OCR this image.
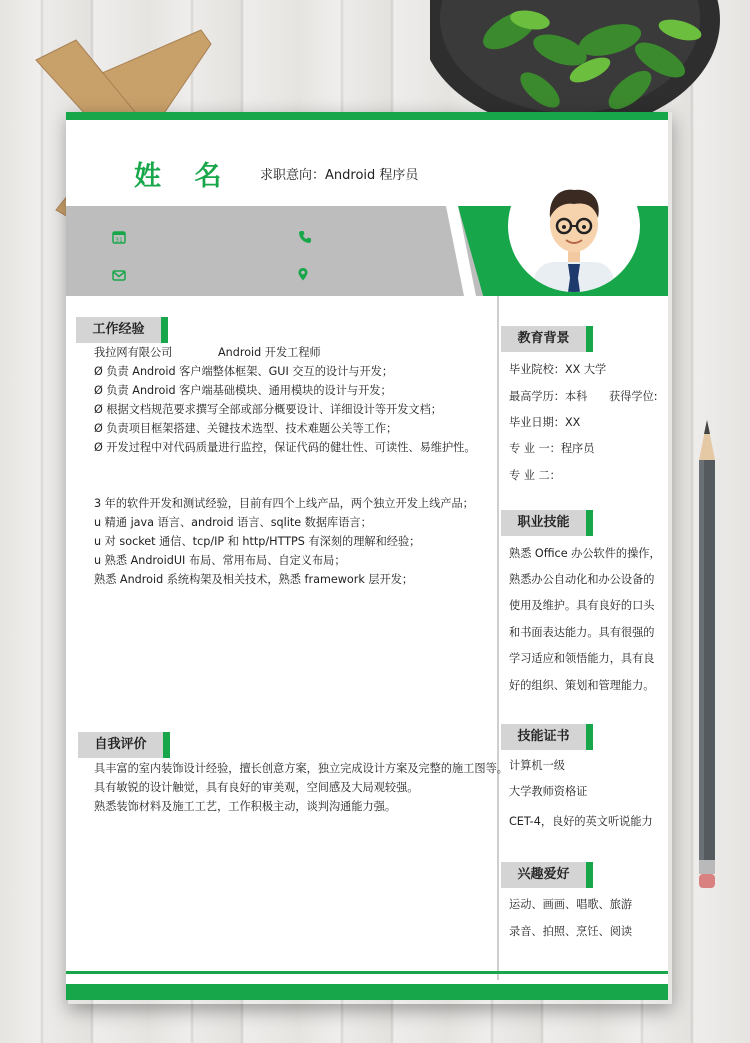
姓 名 求职意向：Android 程序员
31
工作经验
我拉网有限公司	Android 开发工程师
Ø 负责 Android 客户端整体框架、GUI 交互的设计与开发；
Ø 负责 Android 客户端基础模块、通用模块的设计与开发；
Ø 根据文档规范要求撰写全部或部分概要设计、详细设计等开发文档；
Ø 负责项目框架搭建、关键技术选型、技术难题公关等工作；
Ø 开发过程中对代码质量进行监控，保证代码的健壮性、可读性、易维护性。
3 年的软件开发和测试经验，目前有四个上线产品，两个独立开发上线产品；
u 精通 java 语言、android 语言、sqlite 数据库语言；
u 对 socket 通信、tcp/IP 和 http/HTTPS 有深刻的理解和经验；
u 熟悉 AndroidUI 布局、常用布局、自定义布局；
熟悉 Android 系统构架及相关技术，熟悉 framework 层开发；
自我评价
具丰富的室内装饰设计经验，擅长创意方案，独立完成设计方案及完整的施工图等。
具有敏锐的设计触觉，具有良好的审美观，空间感及大局观较强。
熟悉装饰材料及施工工艺，工作积极主动，谈判沟通能力强。
教育背景
毕业院校：XX 大学
最高学历：本科 获得学位:
毕业日期：XX
专 业 一：程序员
专 业 二：
职业技能
熟悉 Office 办公软件的操作，
熟悉办公自动化和办公设备的
使用及维护。具有良好的口头
和书面表达能力。具有很强的
学习适应和领悟能力，具有良
好的组织、策划和管理能力。
技能证书
计算机一级
大学教师资格证
CET-4，良好的英文听说能力
兴趣爱好
运动、画画、唱歌、旅游
录音、拍照、烹饪、阅读
